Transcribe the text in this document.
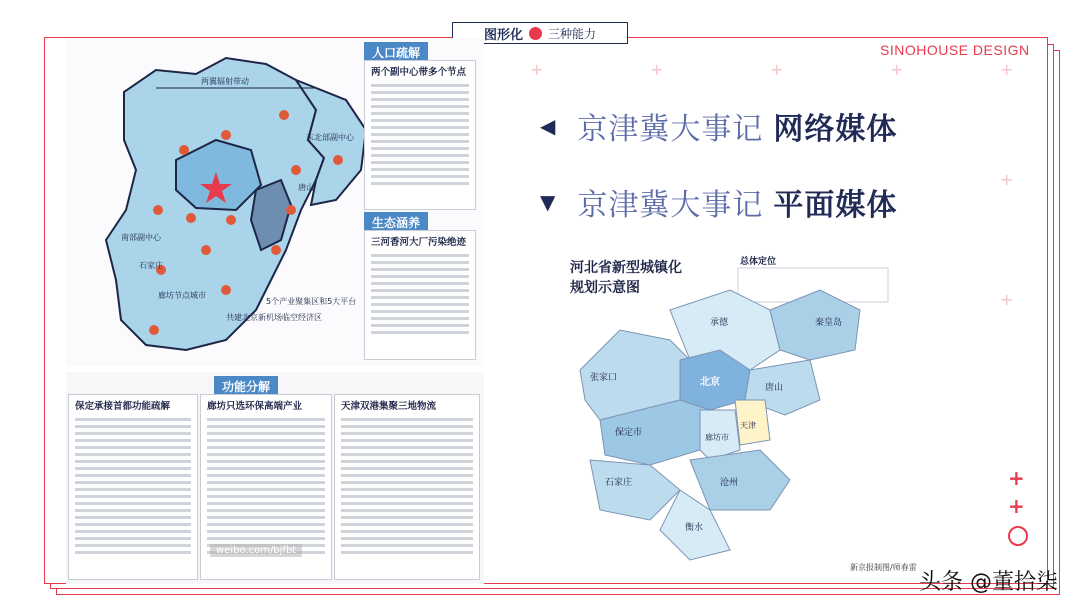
图形化 三种能力
SINOHOUSE DESIGN
+	+	+	+	+
+
+
两翼辐射带动
东北部副中心
唐山
南部副中心
石家庄
廊坊节点城市
共建北京新机场临空经济区
5个产业聚集区和5大平台
人口疏解
两个副中心带多个节点
生态涵养
三河香河大厂污染绝迹
功能分解
保定承接首都功能疏解	廊坊只选环保高端产业	天津双港集聚三地物流
weibo.com/bjfbt
◀ 京津冀大事记 网络媒体
▼ 京津冀大事记 平面媒体
河北省新型城镇化
规划示意图
总体定位
张家口
承德	秦皇岛
北京	唐山
天津
保定市	廊坊市
沧州
石家庄
衡水
新京报制图/师春雷
+
+
头条 @董拾柒
